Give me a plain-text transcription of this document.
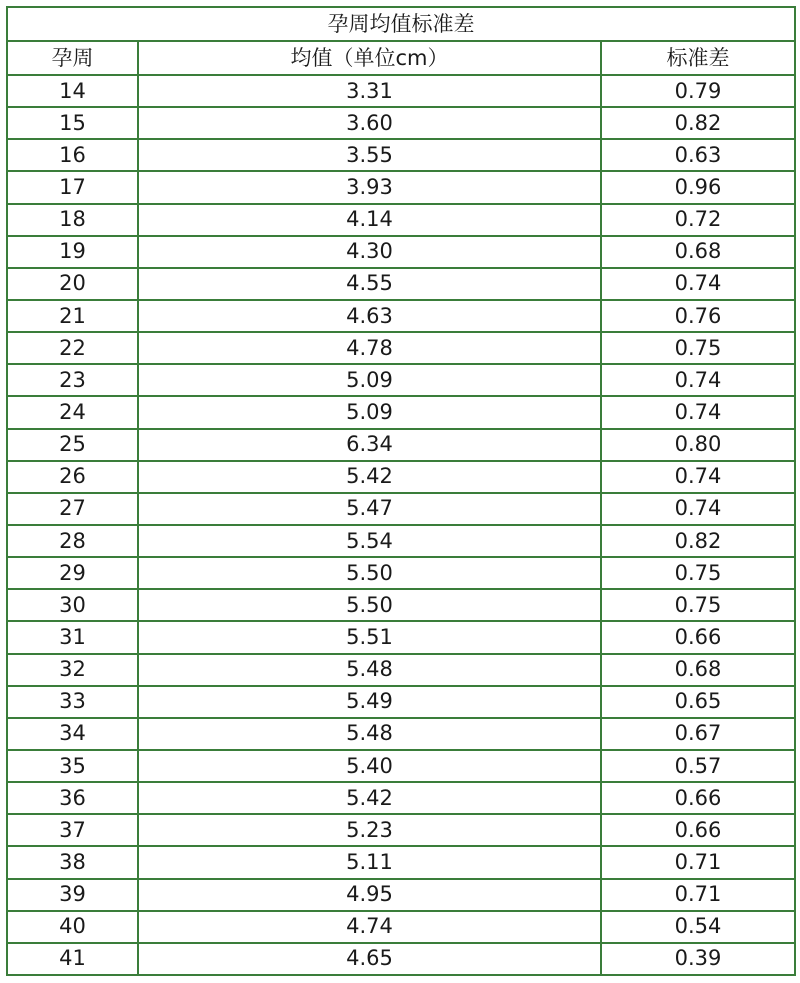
孕周均值标准差		
孕周	均值（单位cm）	标准差
14	3.31	0.79
15	3.60	0.82
16	3.55	0.63
17	3.93	0.96
18	4.14	0.72
19	4.30	0.68
20	4.55	0.74
21	4.63	0.76
22	4.78	0.75
23	5.09	0.74
24	5.09	0.74
25	6.34	0.80
26	5.42	0.74
27	5.47	0.74
28	5.54	0.82
29	5.50	0.75
30	5.50	0.75
31	5.51	0.66
32	5.48	0.68
33	5.49	0.65
34	5.48	0.67
35	5.40	0.57
36	5.42	0.66
37	5.23	0.66
38	5.11	0.71
39	4.95	0.71
40	4.74	0.54
41	4.65	0.39
